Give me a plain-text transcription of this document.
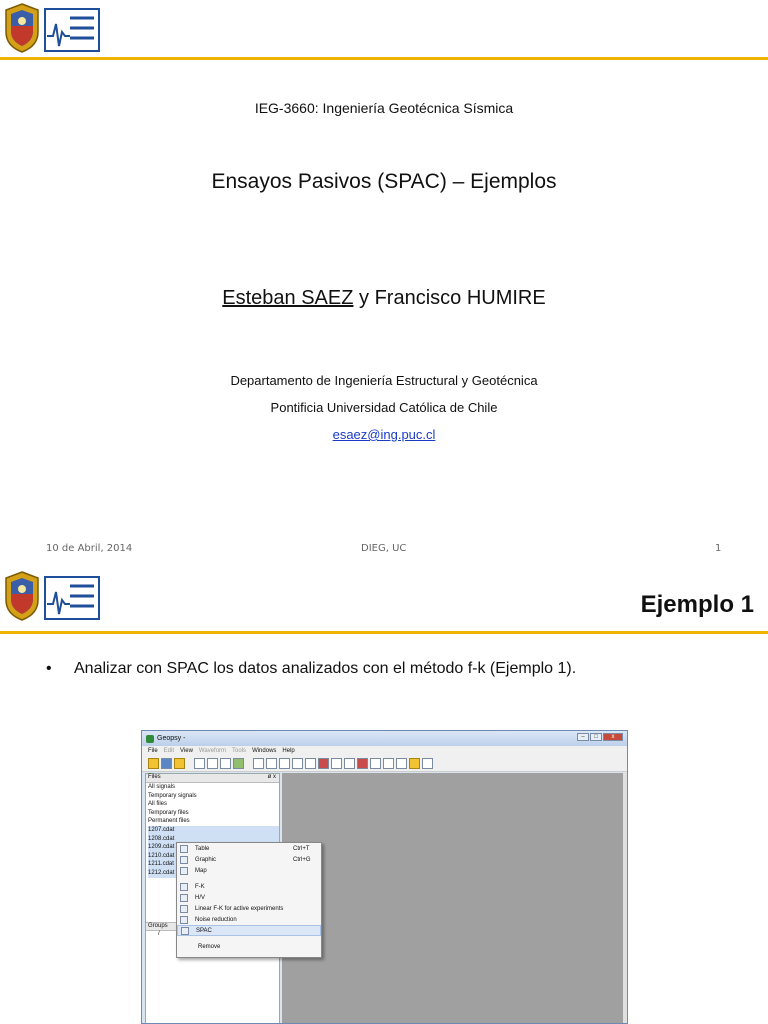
IEG-3660: Ingeniería Geotécnica Sísmica
Ensayos Pasivos (SPAC) – Ejemplos
Esteban SAEZ y Francisco HUMIRE
Departamento de Ingeniería Estructural y Geotécnica
Pontificia Universidad Católica de Chile
esaez@ing.puc.cl
10 de Abril, 2014	DIEG, UC	1
Ejemplo 1
• Analizar con SPAC los datos analizados con el método f-k (Ejemplo 1).
Geopsy -	–	□	x
File Edit View Waveform Tools Windows Help
Files	ø x
All signals
Temporary signals
All files
Temporary files
Permanent files
1207.cdat
1208.cdat
1209.cdat
1210.cdat
1211.cdat
1212.cdat
Groups
/
Table	Ctrl+T
Graphic	Ctrl+G
Map
F-K
H/V
Linear F-K for active experiments
Noise reduction
SPAC
Remove
